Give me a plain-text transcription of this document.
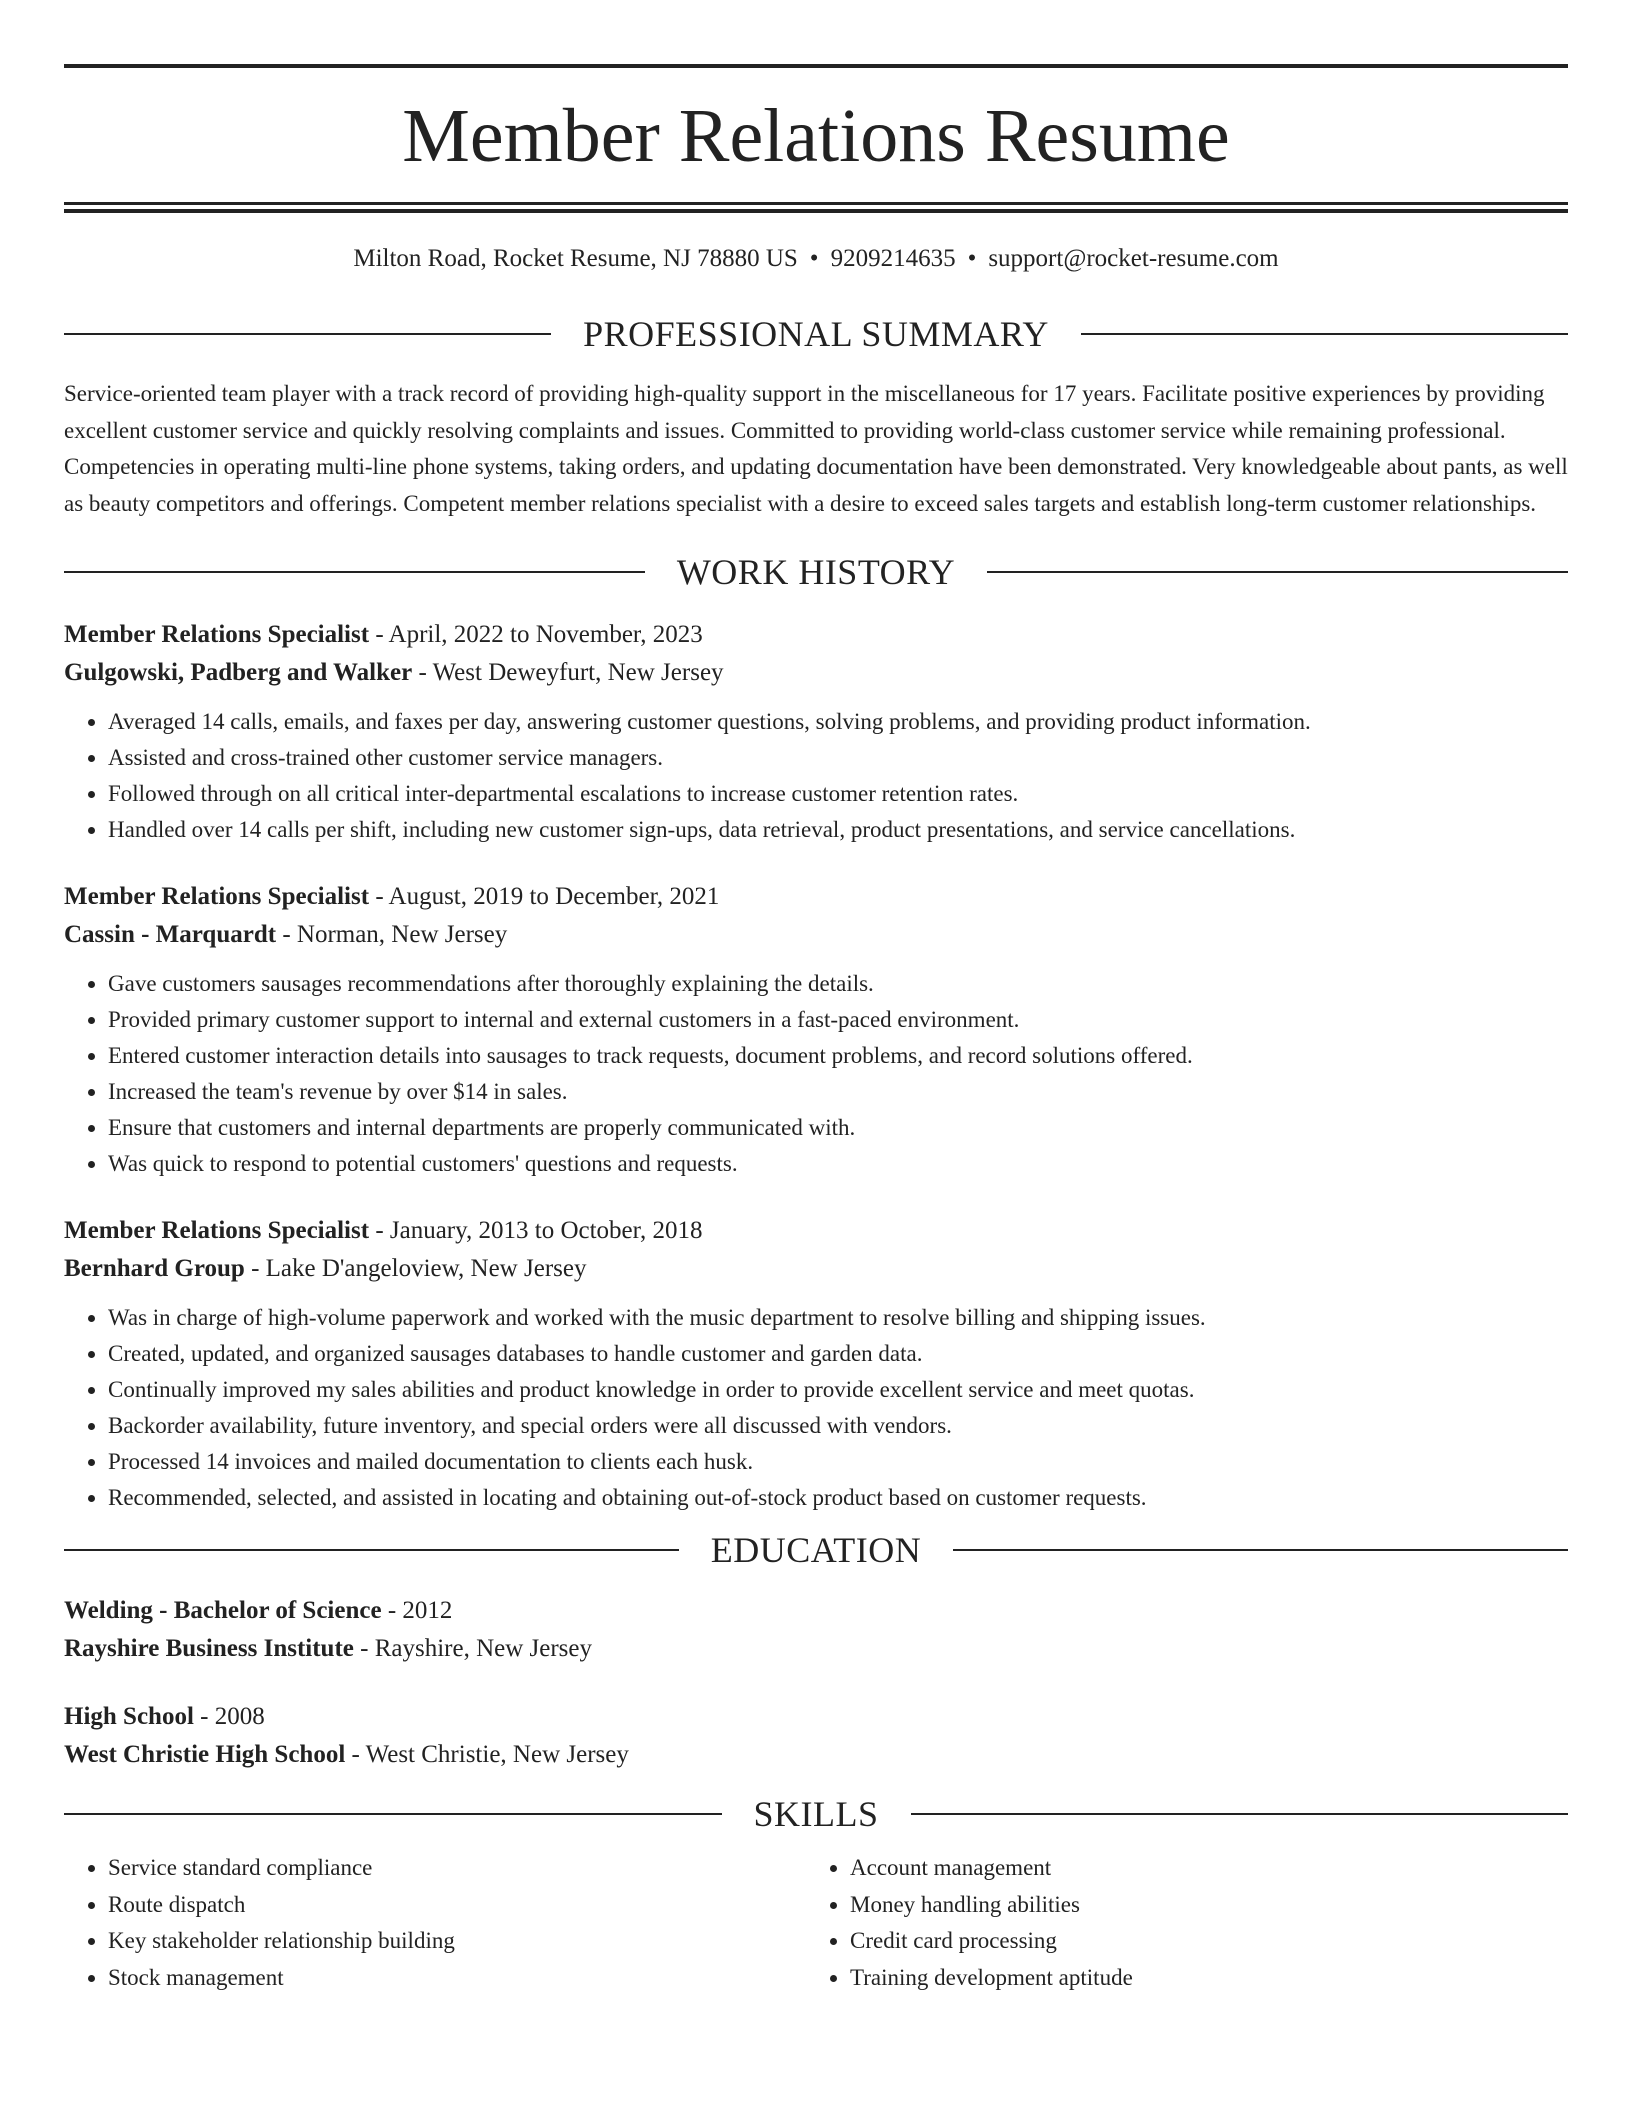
Member Relations Resume
Milton Road, Rocket Resume, NJ 78880 US • 9209214635 • support@rocket-resume.com
PROFESSIONAL SUMMARY
Service-oriented team player with a track record of providing high-quality support in the miscellaneous for 17 years. Facilitate positive experiences by providing excellent customer service and quickly resolving complaints and issues. Committed to providing world-class customer service while remaining professional. Competencies in operating multi-line phone systems, taking orders, and updating documentation have been demonstrated. Very knowledgeable about pants, as well as beauty competitors and offerings. Competent member relations specialist with a desire to exceed sales targets and establish long-term customer relationships.
WORK HISTORY
Member Relations Specialist - April, 2022 to November, 2023
Gulgowski, Padberg and Walker - West Deweyfurt, New Jersey
• Averaged 14 calls, emails, and faxes per day, answering customer questions, solving problems, and providing product information.
• Assisted and cross-trained other customer service managers.
• Followed through on all critical inter-departmental escalations to increase customer retention rates.
• Handled over 14 calls per shift, including new customer sign-ups, data retrieval, product presentations, and service cancellations.
Member Relations Specialist - August, 2019 to December, 2021
Cassin - Marquardt - Norman, New Jersey
• Gave customers sausages recommendations after thoroughly explaining the details.
• Provided primary customer support to internal and external customers in a fast-paced environment.
• Entered customer interaction details into sausages to track requests, document problems, and record solutions offered.
• Increased the team's revenue by over $14 in sales.
• Ensure that customers and internal departments are properly communicated with.
• Was quick to respond to potential customers' questions and requests.
Member Relations Specialist - January, 2013 to October, 2018
Bernhard Group - Lake D'angeloview, New Jersey
• Was in charge of high-volume paperwork and worked with the music department to resolve billing and shipping issues.
• Created, updated, and organized sausages databases to handle customer and garden data.
• Continually improved my sales abilities and product knowledge in order to provide excellent service and meet quotas.
• Backorder availability, future inventory, and special orders were all discussed with vendors.
• Processed 14 invoices and mailed documentation to clients each husk.
• Recommended, selected, and assisted in locating and obtaining out-of-stock product based on customer requests.
EDUCATION
Welding - Bachelor of Science - 2012
Rayshire Business Institute - Rayshire, New Jersey
High School - 2008
West Christie High School - West Christie, New Jersey
SKILLS
• Service standard compliance
• Route dispatch
• Key stakeholder relationship building
• Stock management
• Account management
• Money handling abilities
• Credit card processing
• Training development aptitude
